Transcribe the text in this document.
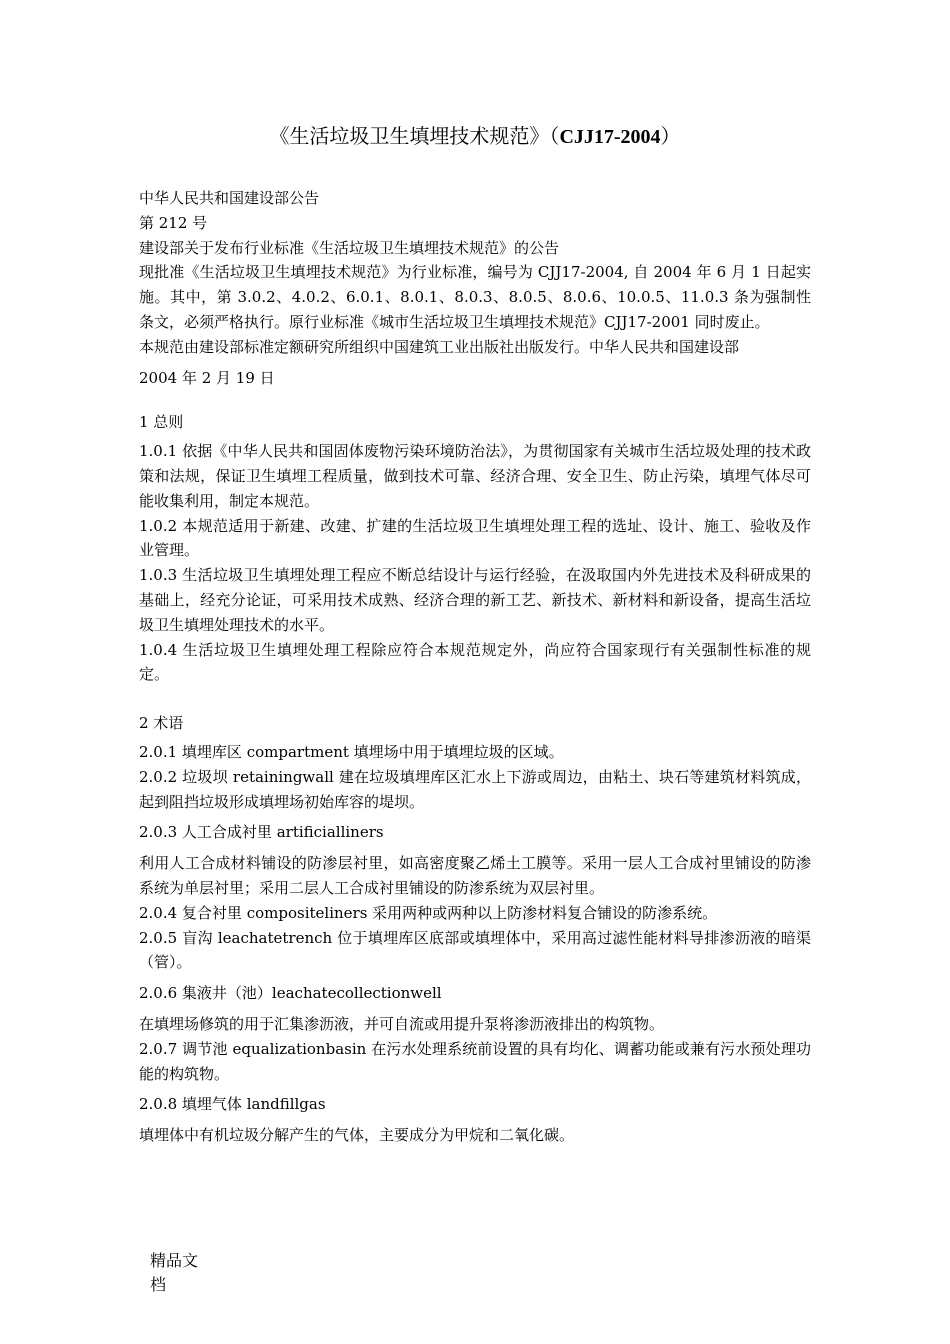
《生活垃圾卫生填埋技术规范》（CJJ17-2004）

中华人民共和国建设部公告

第 212 号

建设部关于发布行业标准《生活垃圾卫生填埋技术规范》的公告

现批准《生活垃圾卫生填埋技术规范》为行业标准，编号为 CJJ17-2004, 自 2004 年 6 月 1 日起实施。其中，第 3.0.2、4.0.2、6.0.1、8.0.1、8.0.3、8.0.5、8.0.6、10.0.5、11.0.3 条为强制性条文，必须严格执行。原行业标准《城市生活垃圾卫生填埋技术规范》CJJ17-2001 同时废止。

本规范由建设部标准定额研究所组织中国建筑工业出版社出版发行。中华人民共和国建设部

2004 年 2 月 19 日

1 总则

1.0.1 依据《中华人民共和国固体废物污染环境防治法》，为贯彻国家有关城市生活垃圾处理的技术政策和法规，保证卫生填埋工程质量，做到技术可靠、经济合理、安全卫生、防止污染，填埋气体尽可能收集利用，制定本规范。

1.0.2 本规范适用于新建、改建、扩建的生活垃圾卫生填埋处理工程的选址、设计、施工、验收及作业管理。

1.0.3 生活垃圾卫生填埋处理工程应不断总结设计与运行经验，在汲取国内外先进技术及科研成果的基础上，经充分论证，可采用技术成熟、经济合理的新工艺、新技术、新材料和新设备，提高生活垃圾卫生填埋处理技术的水平。

1.0.4 生活垃圾卫生填埋处理工程除应符合本规范规定外，尚应符合国家现行有关强制性标准的规定。

2 术语

2.0.1 填埋库区 compartment 填埋场中用于填埋垃圾的区域。

2.0.2 垃圾坝 retainingwall 建在垃圾填埋库区汇水上下游或周边，由粘土、块石等建筑材料筑成，起到阻挡垃圾形成填埋场初始库容的堤坝。

2.0.3 人工合成衬里 artificialliners

利用人工合成材料铺设的防渗层衬里，如高密度聚乙烯土工膜等。采用一层人工合成衬里铺设的防渗系统为单层衬里；采用二层人工合成衬里铺设的防渗系统为双层衬里。

2.0.4 复合衬里 compositeliners 采用两种或两种以上防渗材料复合铺设的防渗系统。

2.0.5 盲沟 leachatetrench 位于填埋库区底部或填埋体中，采用高过滤性能材料导排渗沥液的暗渠（管）。

2.0.6 集液井（池）leachatecollectionwell

在填埋场修筑的用于汇集渗沥液，并可自流或用提升泵将渗沥液排出的构筑物。

2.0.7 调节池 equalizationbasin 在污水处理系统前设置的具有均化、调蓄功能或兼有污水预处理功能的构筑物。

2.0.8 填埋气体 landfillgas

填埋体中有机垃圾分解产生的气体，主要成分为甲烷和二氧化碳。

精品文档
